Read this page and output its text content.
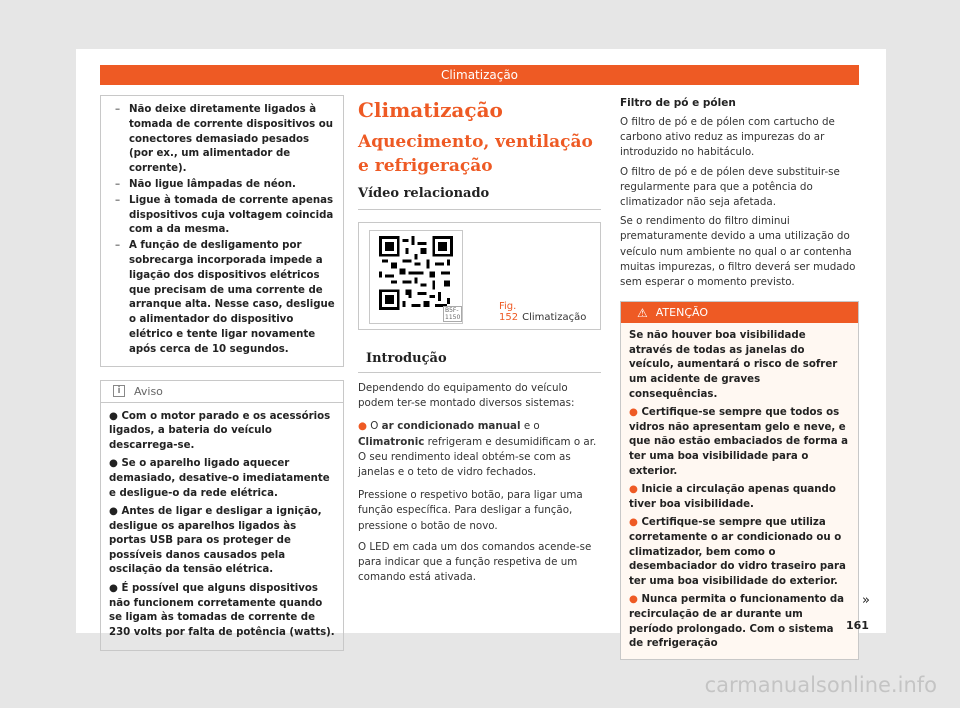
Climatização
– Não deixe diretamente ligados à tomada de corrente dispositivos ou conectores demasiado pesados (por ex., um alimentador de corrente).
– Não ligue lâmpadas de néon.
– Ligue à tomada de corrente apenas dispositivos cuja voltagem coincida com a da mesma.
– A função de desligamento por sobrecarga incorporada impede a ligação dos dispositivos elétricos que precisam de uma corrente de arranque alta. Nesse caso, desligue o alimentador do dispositivo elétrico e tente ligar novamente após cerca de 10 segundos.
i	Aviso

● Com o motor parado e os acessórios ligados, a bateria do veículo descarrega-se.

● Se o aparelho ligado aquecer demasiado, desative-o imediatamente e desligue-o da rede elétrica.

● Antes de ligar e desligar a ignição, desligue os aparelhos ligados às portas USB para os proteger de possíveis danos causados pela oscilação da tensão elétrica.

● É possível que alguns dispositivos não funcionem corretamente quando se ligam às tomadas de corrente de 230 volts por falta de potência (watts).

Climatização
Aquecimento, ventilação e refrigeração
Vídeo relacionado
B5F-1150
Fig. 152 Climatização
Introdução

Dependendo do equipamento do veículo podem ter-se montado diversos sistemas:

● O ar condicionado manual e o Climatronic refrigeram e desumidificam o ar. O seu rendimento ideal obtém-se com as janelas e o teto de vidro fechados.

Pressione o respetivo botão, para ligar uma função específica. Para desligar a função, pressione o botão de novo.

O LED em cada um dos comandos acende-se para indicar que a função respetiva de um comando está ativada.

Filtro de pó e pólen

O filtro de pó e de pólen com cartucho de carbono ativo reduz as impurezas do ar introduzido no habitáculo.

O filtro de pó e de pólen deve substituir-se regularmente para que a potência do climatizador não seja afetada.

Se o rendimento do filtro diminui prematuramente devido a uma utilização do veículo num ambiente no qual o ar contenha muitas impurezas, o filtro deverá ser mudado sem esperar o momento previsto.

⚠ ATENÇÃO

Se não houver boa visibilidade através de todas as janelas do veículo, aumentará o risco de sofrer um acidente de graves consequências.

● Certifique-se sempre que todos os vidros não apresentam gelo e neve, e que não estão embaciados de forma a ter uma boa visibilidade para o exterior.

● Inicie a circulação apenas quando tiver boa visibilidade.

● Certifique-se sempre que utiliza corretamente o ar condicionado ou o climatizador, bem como o desembaciador do vidro traseiro para ter uma boa visibilidade do exterior.

● Nunca permita o funcionamento da recirculação de ar durante um período prolongado. Com o sistema de refrigeração

»
161
carmanualsonline.info
